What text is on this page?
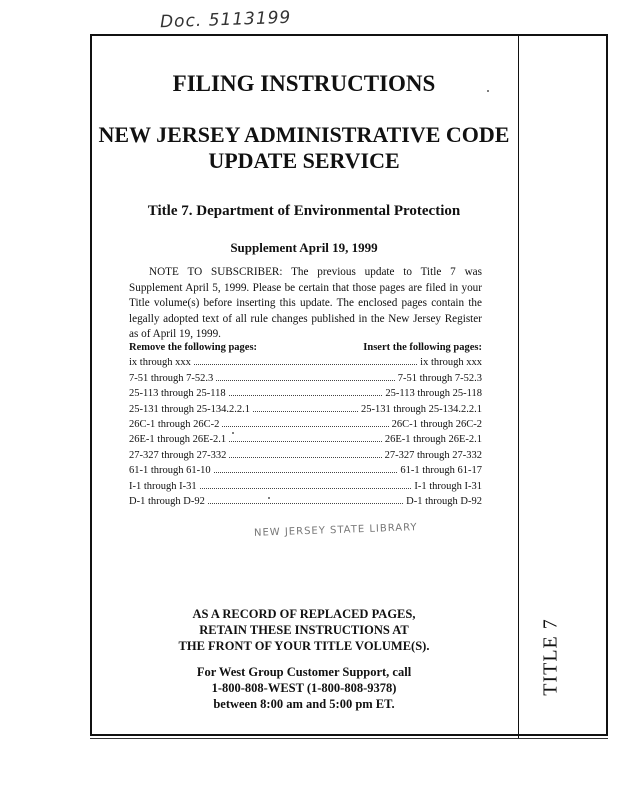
Doc. 5113199
TITLE 7
FILING INSTRUCTIONS
NEW JERSEY ADMINISTRATIVE CODE
UPDATE SERVICE
Title 7. Department of Environmental Protection
Supplement April 19, 1999
NOTE TO SUBSCRIBER: The previous update to Title 7 was Supplement April 5, 1999. Please be certain that those pages are filed in your Title volume(s) before inserting this update. The enclosed pages contain the legally adopted text of all rule changes published in the New Jersey Register as of April 19, 1999.
Remove the following pages:	Insert the following pages:
ix through xxx	ix through xxx
7-51 through 7-52.3	7-51 through 7-52.3
25-113 through 25-118	25-113 through 25-118
25-131 through 25-134.2.2.1	25-131 through 25-134.2.2.1
26C-1 through 26C-2	26C-1 through 26C-2
26E-1 through 26E-2.1	26E-1 through 26E-2.1
27-327 through 27-332	27-327 through 27-332
61-1 through 61-10	61-1 through 61-17
I-1 through I-31	I-1 through I-31
D-1 through D-92	D-1 through D-92
NEW JERSEY STATE LIBRARY
AS A RECORD OF REPLACED PAGES,
RETAIN THESE INSTRUCTIONS AT
THE FRONT OF YOUR TITLE VOLUME(S).
For West Group Customer Support, call
1-800-808-WEST (1-800-808-9378)
between 8:00 am and 5:00 pm ET.
